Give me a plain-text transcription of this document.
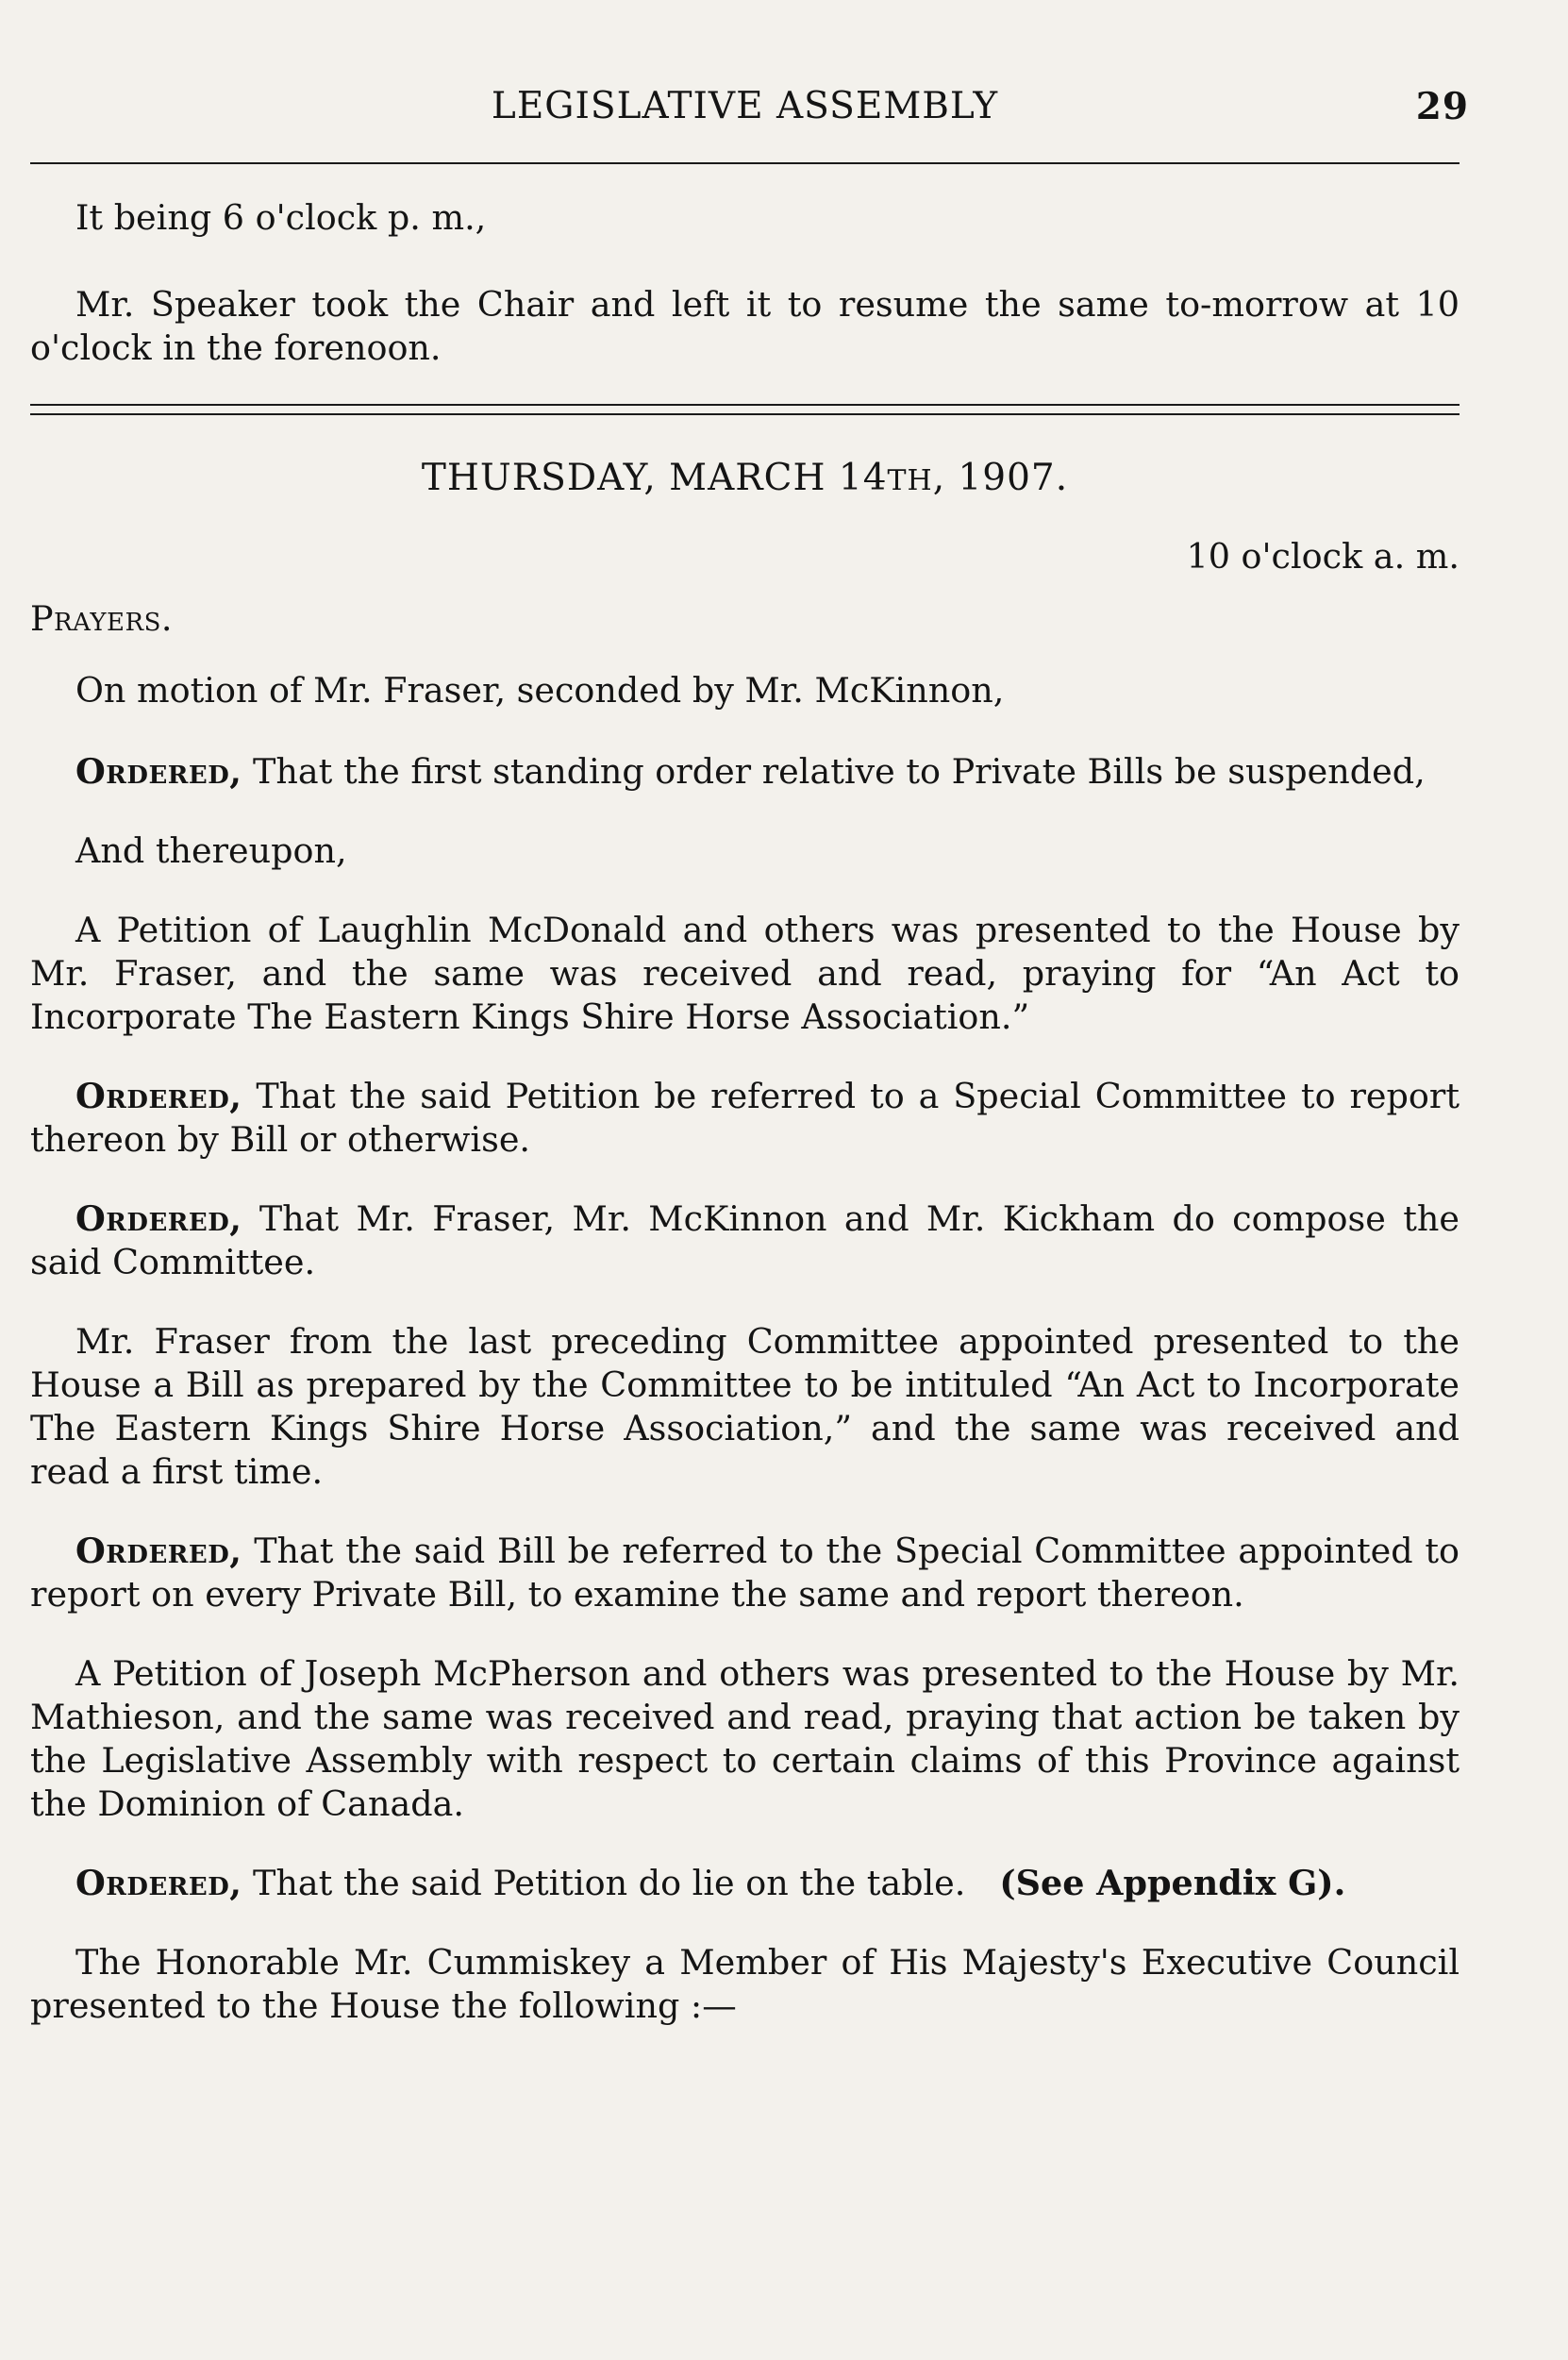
LEGISLATIVE ASSEMBLY	29

It being 6 o'clock p. m.,

Mr. Speaker took the Chair and left it to resume the same to-morrow at 10 o'clock in the forenoon.

THURSDAY, MARCH 14TH, 1907.

10 o'clock a. m.

Prayers.

On motion of Mr. Fraser, seconded by Mr. McKinnon,

Ordered, That the first standing order relative to Private Bills be suspended,

And thereupon,

A Petition of Laughlin McDonald and others was presented to the House by Mr. Fraser, and the same was received and read, praying for “An Act to Incorporate The Eastern Kings Shire Horse Association.”

Ordered, That the said Petition be referred to a Special Committee to report thereon by Bill or otherwise.

Ordered, That Mr. Fraser, Mr. McKinnon and Mr. Kickham do compose the said Committee.

Mr. Fraser from the last preceding Committee appointed presented to the House a Bill as prepared by the Committee to be intituled “An Act to Incorporate The Eastern Kings Shire Horse Association,” and the same was received and read a first time.

Ordered, That the said Bill be referred to the Special Committee appointed to report on every Private Bill, to examine the same and report thereon.

A Petition of Joseph McPherson and others was presented to the House by Mr. Mathieson, and the same was received and read, praying that action be taken by the Legislative Assembly with respect to certain claims of this Province against the Dominion of Canada.

Ordered, That the said Petition do lie on the table. (See Appendix G).

The Honorable Mr. Cummiskey a Member of His Majesty's Executive Council presented to the House the following :—
